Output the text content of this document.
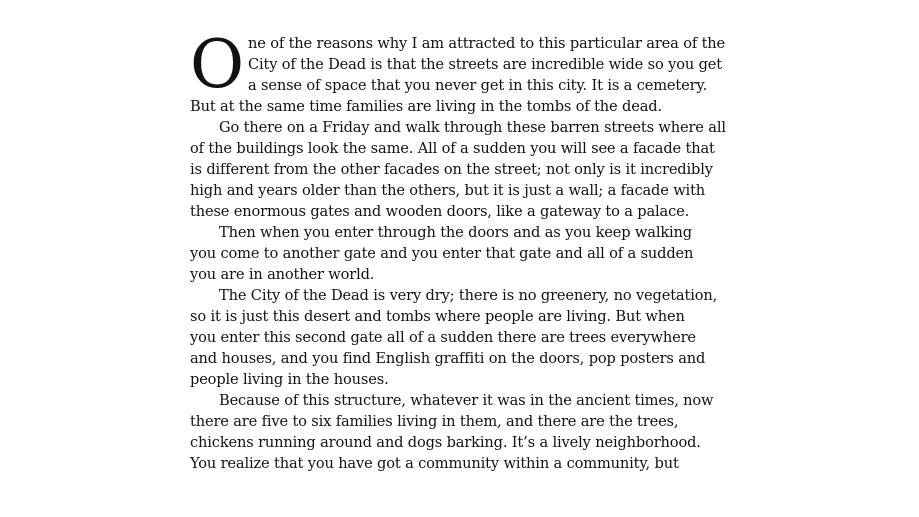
O ne of the reasons why I am attracted to this particular area of the
City of the Dead is that the streets are incredible wide so you get
a sense of space that you never get in this city. It is a cemetery.
But at the same time families are living in the tombs of the dead.

Go there on a Friday and walk through these barren streets where all
of the buildings look the same. All of a sudden you will see a facade that
is different from the other facades on the street; not only is it incredibly
high and years older than the others, but it is just a wall; a facade with
these enormous gates and wooden doors, like a gateway to a palace.

Then when you enter through the doors and as you keep walking
you come to another gate and you enter that gate and all of a sudden
you are in another world.

The City of the Dead is very dry; there is no greenery, no vegetation,
so it is just this desert and tombs where people are living. But when
you enter this second gate all of a sudden there are trees everywhere
and houses, and you find English graffiti on the doors, pop posters and
people living in the houses.

Because of this structure, whatever it was in the ancient times, now
there are five to six families living in them, and there are the trees,
chickens running around and dogs barking. It’s a lively neighborhood.
You realize that you have got a community within a community, but
